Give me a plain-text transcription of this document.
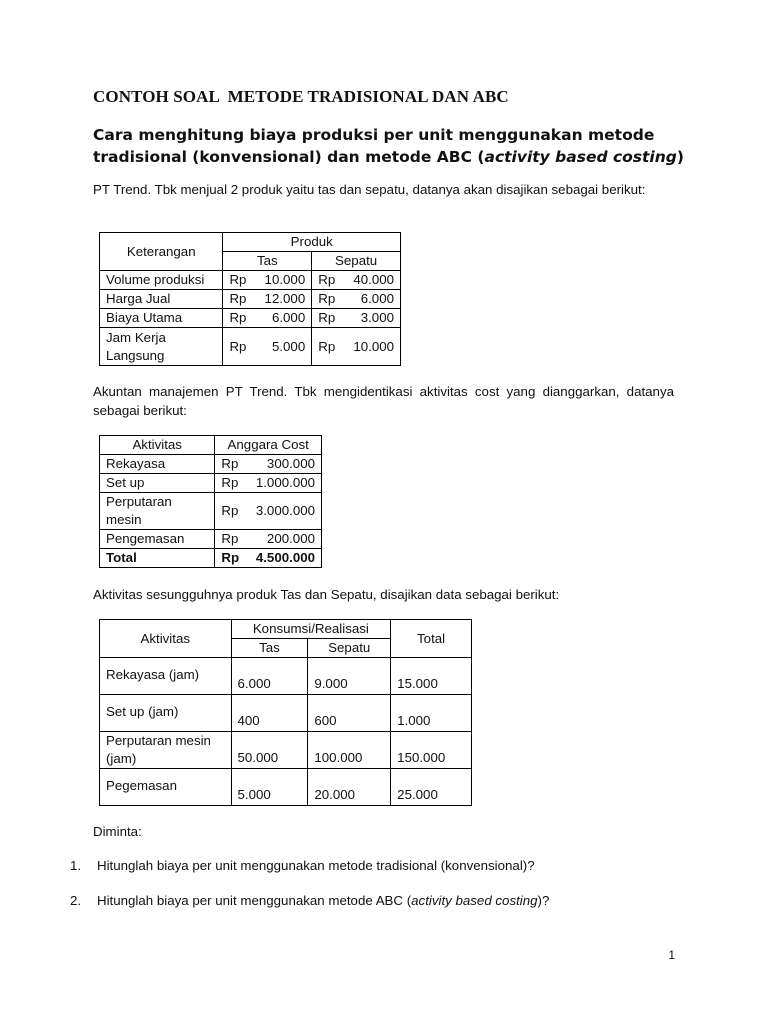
CONTOH SOAL  METODE TRADISIONAL DAN ABC
Cara menghitung biaya produksi per unit menggunakan metode tradisional (konvensional) dan metode ABC (activity based costing)

PT Trend. Tbk menjual 2 produk yaitu tas dan sepatu, datanya akan disajikan sebagai berikut:

Keterangan	Produk	
	Tas	Sepatu
Volume produksi	Rp 10.000	Rp 40.000

Harga Jual	Rp 12.000	Rp 6.000

Biaya Utama	Rp 6.000	Rp 3.000

Jam Kerja Langsung	Rp 5.000	Rp 10.000

Akuntan manajemen PT Trend. Tbk mengidentikasi aktivitas cost yang dianggarkan, datanya sebagai berikut:

Aktivitas	Anggara Cost
Rekayasa	Rp 300.000

Set up	Rp 1.000.000

Perputaran mesin	Rp 3.000.000

Pengemasan	Rp 200.000

Total	Rp 4.500.000

Aktivitas sesungguhnya produk Tas dan Sepatu, disajikan data sebagai berikut:

Aktivitas	Konsumsi/Realisasi		Total
	Tas	Sepatu	
Rekayasa (jam)	6.000	9.000	15.000
Set up (jam)	400	600	1.000
Perputaran mesin (jam)	50.000	100.000	150.000
Pegemasan	5.000	20.000	25.000
Diminta:
1. Hitunglah biaya per unit menggunakan metode tradisional (konvensional)?
2. Hitunglah biaya per unit menggunakan metode ABC (activity based costing)?
1
